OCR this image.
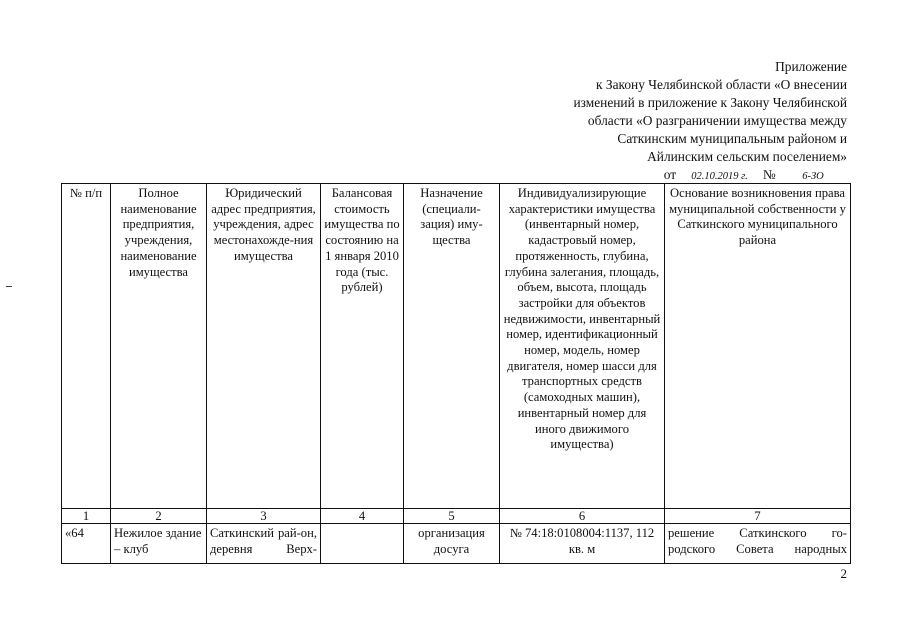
Приложение
к Закону Челябинской области «О внесении
изменений в приложение к Закону Челябинской
области «О разграничении имущества между
Саткинским муниципальным районом и
Айлинским сельским поселением»
от 02.10.2019 г. №	6-ЗО
№ п/п	Полное наименование предприятия, учреждения, наименование имущества	Юридический адрес предприятия, учреждения, адрес местонахожде-ния имущества	Балансовая стоимость имущества по состоянию на 1 января 2010 года (тыс. рублей)	Назначение (специали-зация) иму-щества	Индивидуализирующие характеристики имущества (инвентарный номер, кадастровый номер, протяженность, глубина, глубина залегания, площадь, объем, высота, площадь застройки для объектов недвижимости, инвентарный номер, идентификационный номер, модель, номер двигателя, номер шасси для транспортных средств (самоходных машин), инвентарный номер для иного движимого имущества)	Основание возникновения права муниципальной собственности у Саткинского муниципального района
1	2	3	4	5	6	7
«64	Нежилое здание – клуб	Саткинский рай-он, деревня Верх-		организация досуга	№ 74:18:0108004:1137, 112 кв. м	решение Саткинского го-родского Совета народных
2
